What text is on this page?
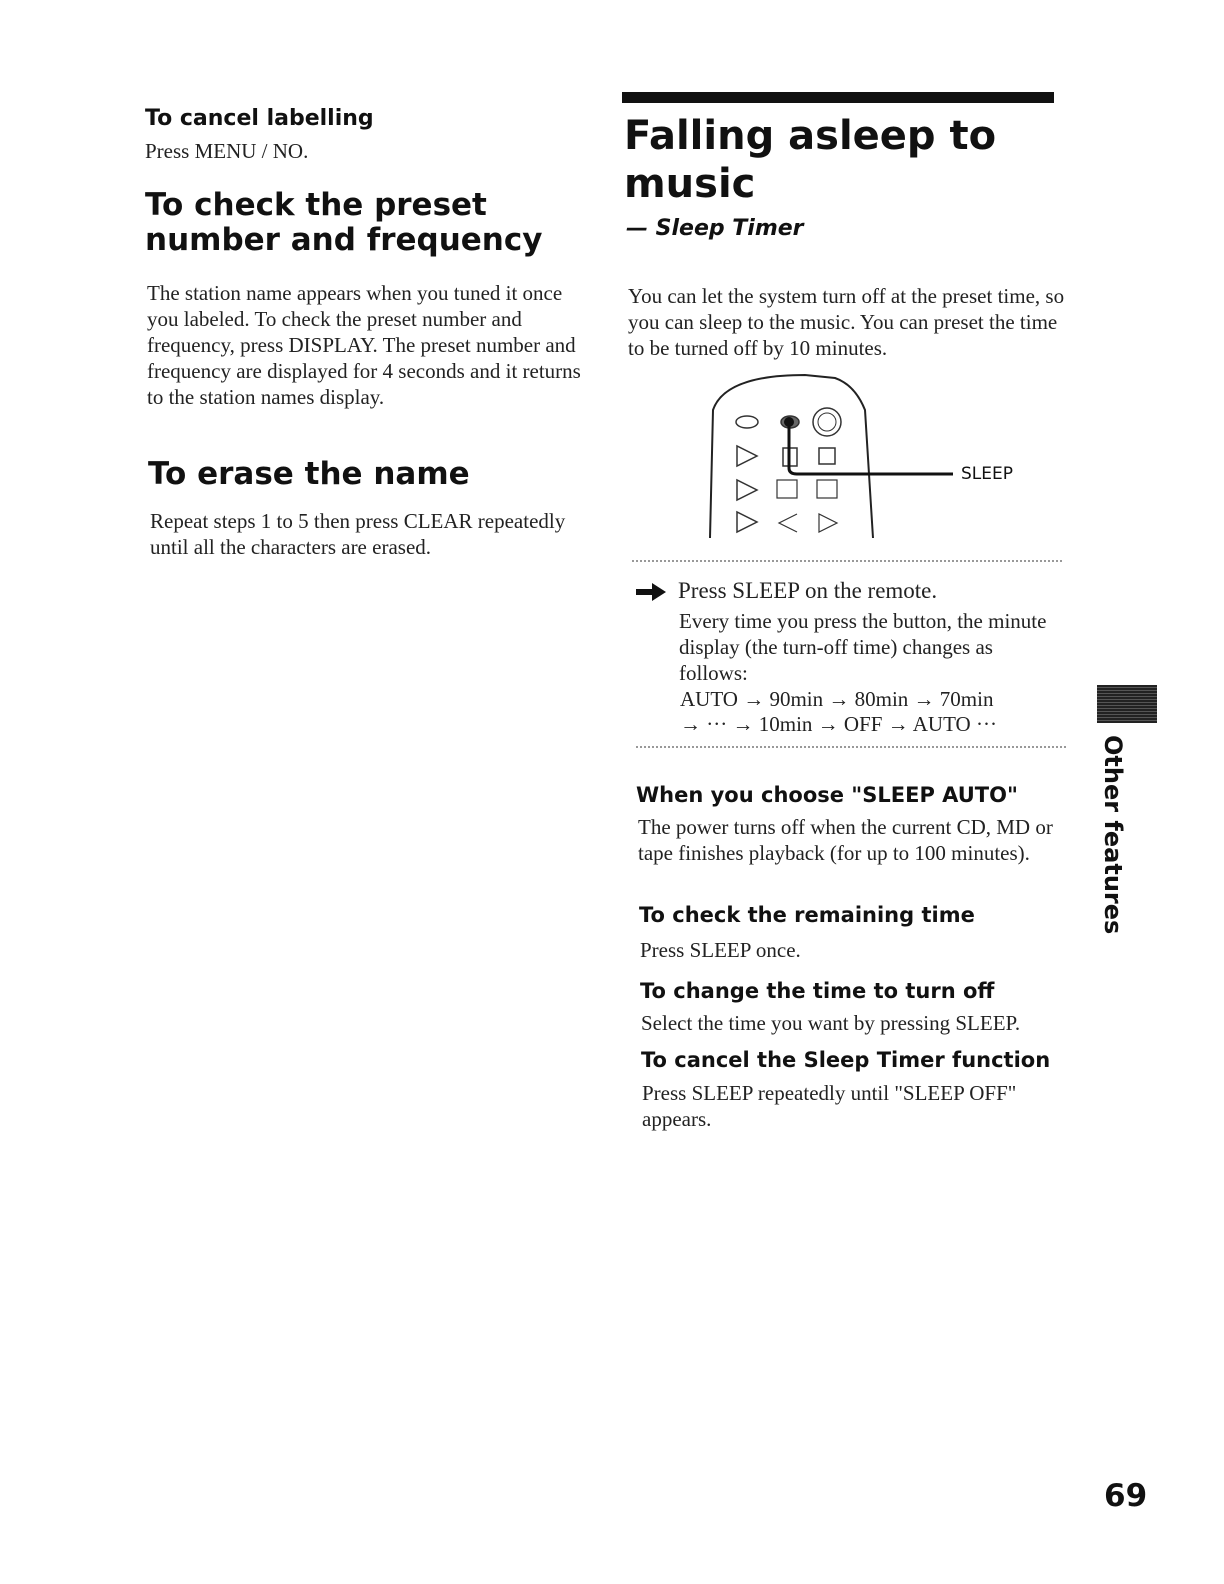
To cancel labelling
Press MENU / NO.
To check the preset number and frequency
The station name appears when you tuned it once you labeled. To check the preset number and frequency, press DISPLAY. The preset number and frequency are displayed for 4 seconds and it returns to the station names display.
To erase the name
Repeat steps 1 to 5 then press CLEAR repeatedly until all the characters are erased.
Falling asleep to music
— Sleep Timer
You can let the system turn off at the preset time, so you can sleep to the music. You can preset the time to be turned off by 10 minutes.
SLEEP
Press SLEEP on the remote.
Every time you press the button, the minute display (the turn-off time) changes as follows:
AUTO → 90min → 80min → 70min
→ ··· → 10min → OFF → AUTO ···
When you choose "SLEEP AUTO"
The power turns off when the current CD, MD or tape finishes playback (for up to 100 minutes).
To check the remaining time
Press SLEEP once.
To change the time to turn off
Select the time you want by pressing SLEEP.
To cancel the Sleep Timer function
Press SLEEP repeatedly until "SLEEP OFF" appears.
Other features
69
